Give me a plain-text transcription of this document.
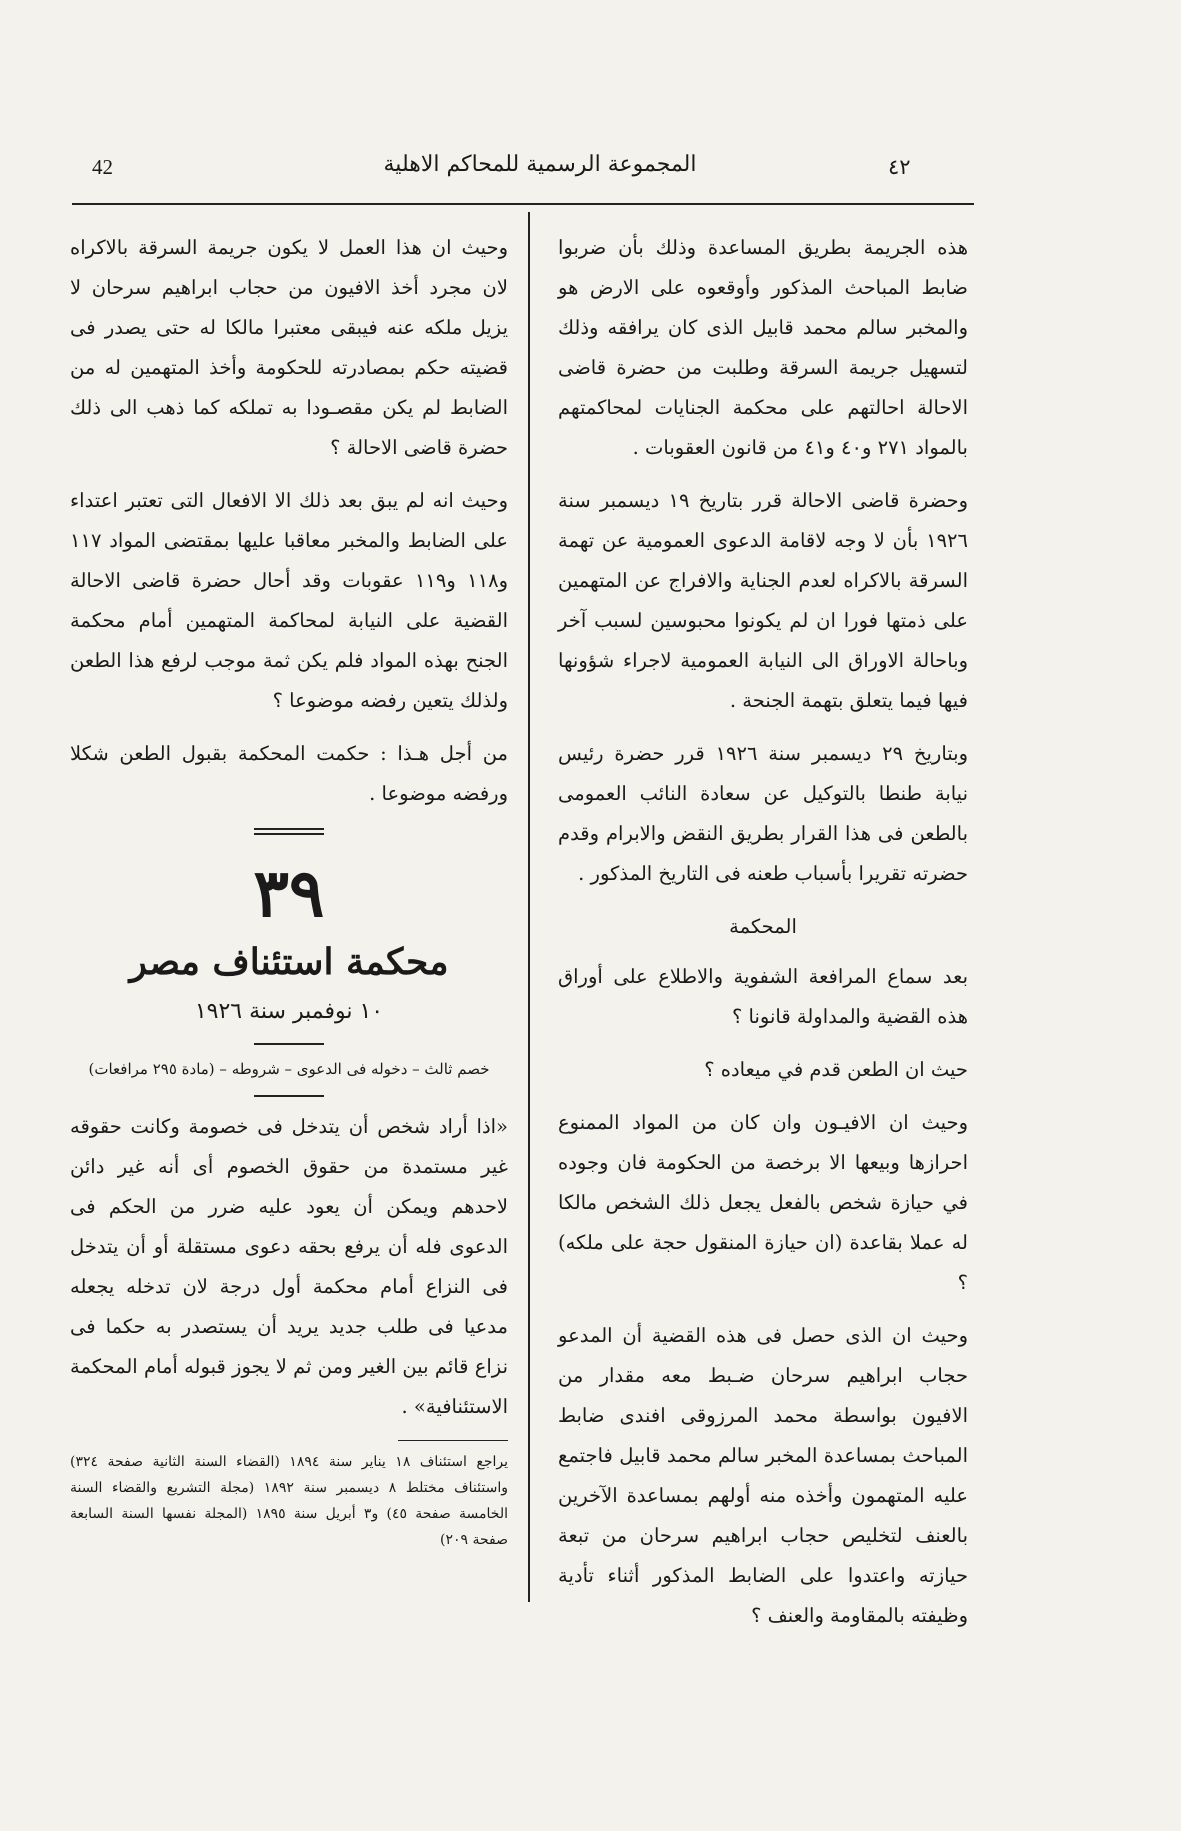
42	المجموعة الرسمية للمحاكم الاهلية	٤٢

هذه الجريمة بطريق المساعدة وذلك بأن ضربوا ضابط المباحث المذكور وأوقعوه على الارض هو والمخبر سالم محمد قابيل الذى كان يرافقه وذلك لتسهيل جريمة السرقة وطلبت من حضرة قاضى الاحالة احالتهم على محكمة الجنايات لمحاكمتهم بالمواد ٢٧١ و٤٠ و٤١ من قانون العقوبات .

وحضرة قاضى الاحالة قرر بتاريخ ١٩ ديسمبر سنة ١٩٢٦ بأن لا وجه لاقامة الدعوى العمومية عن تهمة السرقة بالاكراه لعدم الجناية والافراج عن المتهمين على ذمتها فورا ان لم يكونوا محبوسين لسبب آخر وباحالة الاوراق الى النيابة العمومية لاجراء شؤونها فيها فيما يتعلق بتهمة الجنحة .

وبتاريخ ٢٩ ديسمبر سنة ١٩٢٦ قرر حضرة رئيس نيابة طنطا بالتوكيل عن سعادة النائب العمومى بالطعن فى هذا القرار بطريق النقض والابرام وقدم حضرته تقريرا بأسباب طعنه فى التاريخ المذكور .

المحكمة

بعد سماع المرافعة الشفوية والاطلاع على أوراق هذه القضية والمداولة قانونا ؟

حيث ان الطعن قدم في ميعاده ؟

وحيث ان الافيـون وان كان من المواد الممنوع احرازها وبيعها الا برخصة من الحكومة فان وجوده في حيازة شخص بالفعل يجعل ذلك الشخص مالكا له عملا بقاعدة (ان حيازة المنقول حجة على ملكه) ؟

وحيث ان الذى حصل فى هذه القضية أن المدعو حجاب ابراهيم سرحان ضـبط معه مقدار من الافيون بواسطة محمد المرزوقى افندى ضابط المباحث بمساعدة المخبر سالم محمد قابيل فاجتمع عليه المتهمون وأخذه منه أولهم بمساعدة الآخرين بالعنف لتخليص حجاب ابراهيم سرحان من تبعة حيازته واعتدوا على الضابط المذكور أثناء تأدية وظيفته بالمقاومة والعنف ؟

وحيث ان هذا العمل لا يكون جريمة السرقة بالاكراه لان مجرد أخذ الافيون من حجاب ابراهيم سرحان لا يزيل ملكه عنه فيبقى معتبرا مالكا له حتى يصدر فى قضيته حكم بمصادرته للحكومة وأخذ المتهمين له من الضابط لم يكن مقصـودا به تملكه كما ذهب الى ذلك حضرة قاضى الاحالة ؟

وحيث انه لم يبق بعد ذلك الا الافعال التى تعتبر اعتداء على الضابط والمخبر معاقبا عليها بمقتضى المواد ١١٧ و١١٨ و١١٩ عقوبات وقد أحال حضرة قاضى الاحالة القضية على النيابة لمحاكمة المتهمين أمام محكمة الجنح بهذه المواد فلم يكن ثمة موجب لرفع هذا الطعن ولذلك يتعين رفضه موضوعا ؟

من أجل هـذا : حكمت المحكمة بقبول الطعن شكلا ورفضه موضوعا .

٣٩
محكمة استئناف مصر
١٠ نوفمبر سنة ١٩٢٦
خصم ثالث – دخوله فى الدعوى – شروطه – (مادة ٢٩٥ مرافعات)

«اذا أراد شخص أن يتدخل فى خصومة وكانت حقوقه غير مستمدة من حقوق الخصوم أى أنه غير دائن لاحدهم ويمكن أن يعود عليه ضرر من الحكم فى الدعوى فله أن يرفع بحقه دعوى مستقلة أو أن يتدخل فى النزاع أمام محكمة أول درجة لان تدخله يجعله مدعيا فى طلب جديد يريد أن يستصدر به حكما فى نزاع قائم بين الغير ومن ثم لا يجوز قبوله أمام المحكمة الاستئنافية» .

يراجع استئناف ١٨ يناير سنة ١٨٩٤ (القضاء السنة الثانية صفحة ٣٢٤) واستئناف مختلط ٨ ديسمبر سنة ١٨٩٢ (مجلة التشريع والقضاء السنة الخامسة صفحة ٤٥) و٣ أبريل سنة ١٨٩٥ (المجلة نفسها السنة السابعة صفحة ٢٠٩)
